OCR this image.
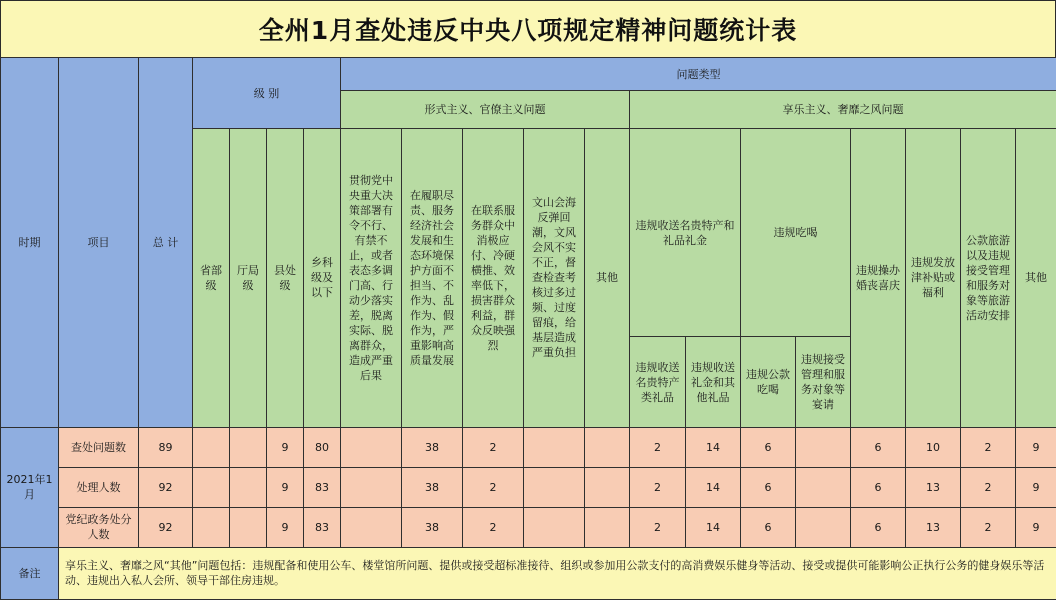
全州1月查处违反中央八项规定精神问题统计表
时期	项目	总 计	级 别				问题类型												
							形式主义、官僚主义问题					享乐主义、奢靡之风问题							
			省部级	厅局级	县处级	乡科级及以下	贯彻党中央重大决策部署有令不行、有禁不止，或者表态多调门高、行动少落实差，脱离实际、脱离群众，造成严重后果	在履职尽责、服务经济社会发展和生态环境保护方面不担当、不作为、乱作为、假作为，严重影响高质量发展	在联系服务群众中消极应付、冷硬横推、效率低下，损害群众利益，群众反映强烈	文山会海反弹回潮，文风会风不实不正，督查检查考核过多过频、过度留痕，给基层造成严重负担	其他	违规收送名贵特产和礼品礼金		违规吃喝		违规操办婚丧喜庆	违规发放津补贴或福利	公款旅游以及违规接受管理和服务对象等旅游活动安排	其他
												违规收送名贵特产类礼品	违规收送礼金和其他礼品	违规公款吃喝	违规接受管理和服务对象等宴请				
2021年1月	查处问题数	89			9	80		38	2			2	14	6		6	10	2	9
	处理人数	92			9	83		38	2			2	14	6		6	13	2	9
	党纪政务处分人数	92			9	83		38	2			2	14	6		6	13	2	9
备注	享乐主义、奢靡之风“其他”问题包括：违规配备和使用公车、楼堂馆所问题、提供或接受超标准接待、组织或参加用公款支付的高消费娱乐健身等活动、接受或提供可能影响公正执行公务的健身娱乐等活动、违规出入私人会所、领导干部住房违规。																		
